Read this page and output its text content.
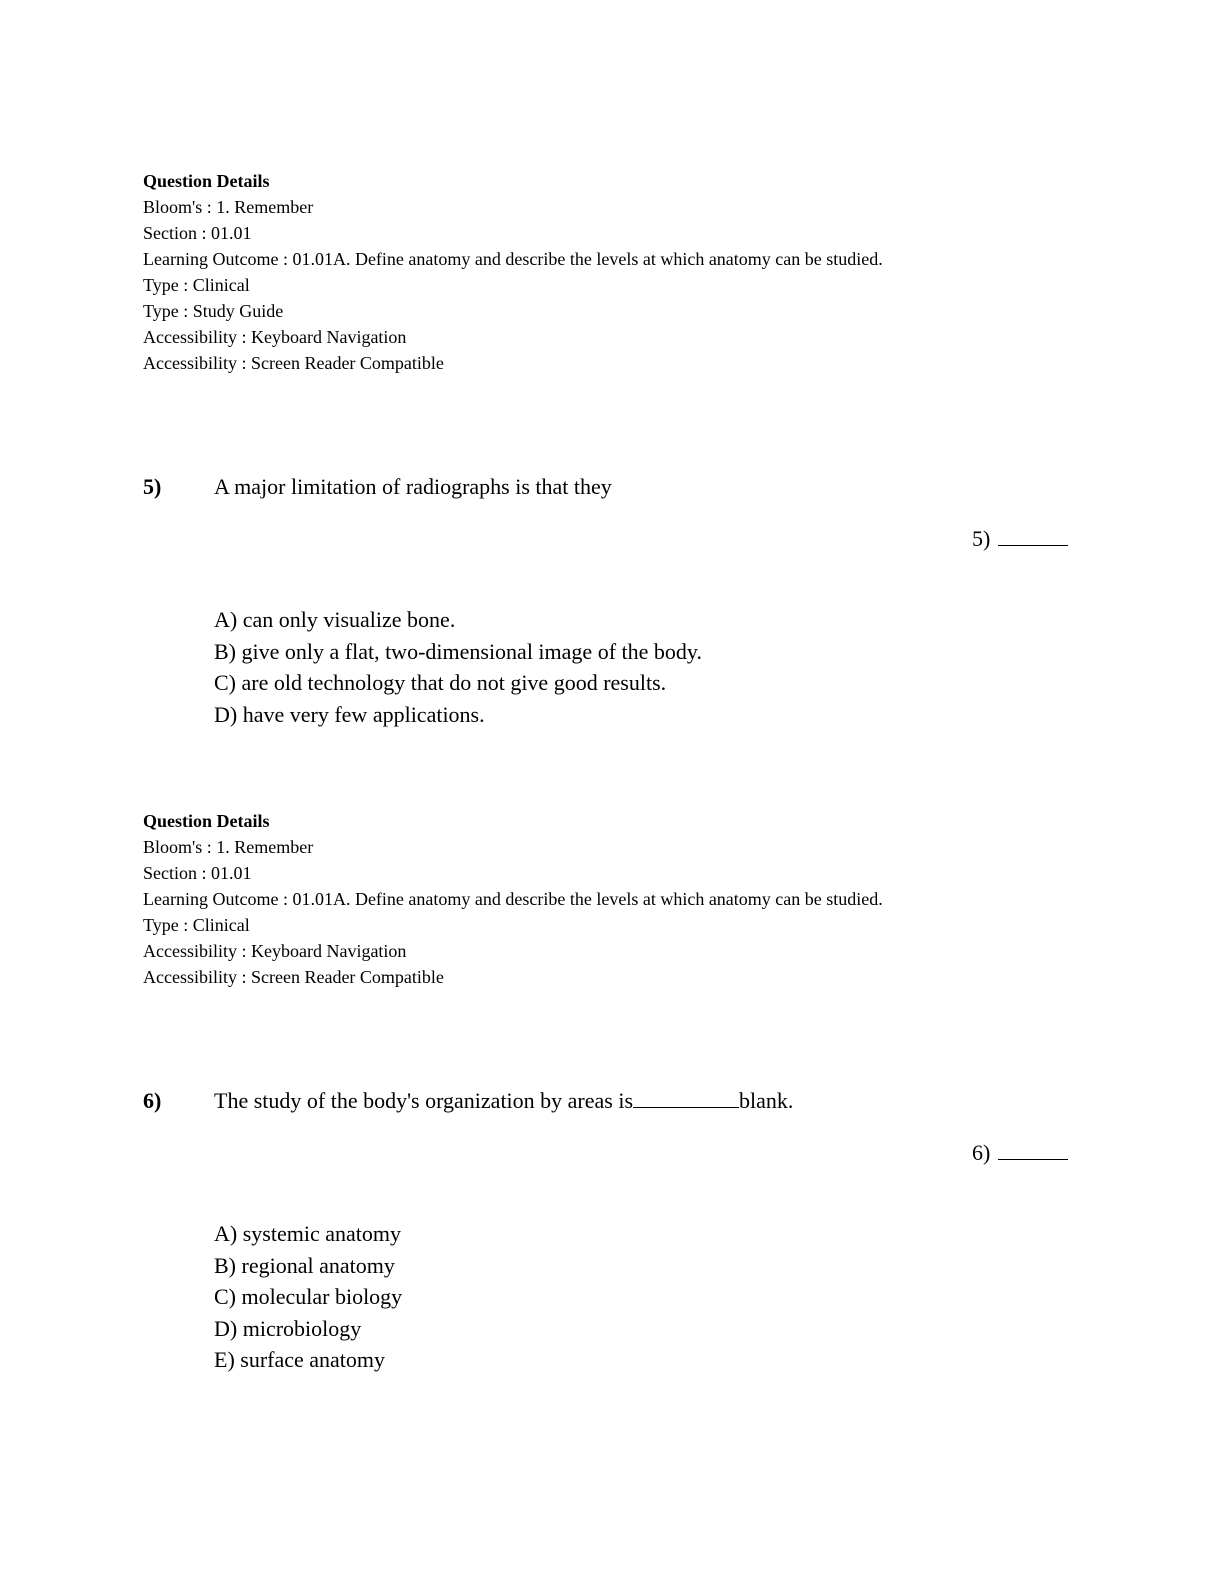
Question Details
Bloom's : 1. Remember
Section : 01.01
Learning Outcome : 01.01A. Define anatomy and describe the levels at which anatomy can be studied.
Type : Clinical
Type : Study Guide
Accessibility : Keyboard Navigation
Accessibility : Screen Reader Compatible
5) A major limitation of radiographs is that they
5)
A) can only visualize bone.
B) give only a flat, two-dimensional image of the body.
C) are old technology that do not give good results.
D) have very few applications.
Question Details
Bloom's : 1. Remember
Section : 01.01
Learning Outcome : 01.01A. Define anatomy and describe the levels at which anatomy can be studied.
Type : Clinical
Accessibility : Keyboard Navigation
Accessibility : Screen Reader Compatible
6) The study of the body's organization by areas is	blank.
6)
A) systemic anatomy
B) regional anatomy
C) molecular biology
D) microbiology
E) surface anatomy
